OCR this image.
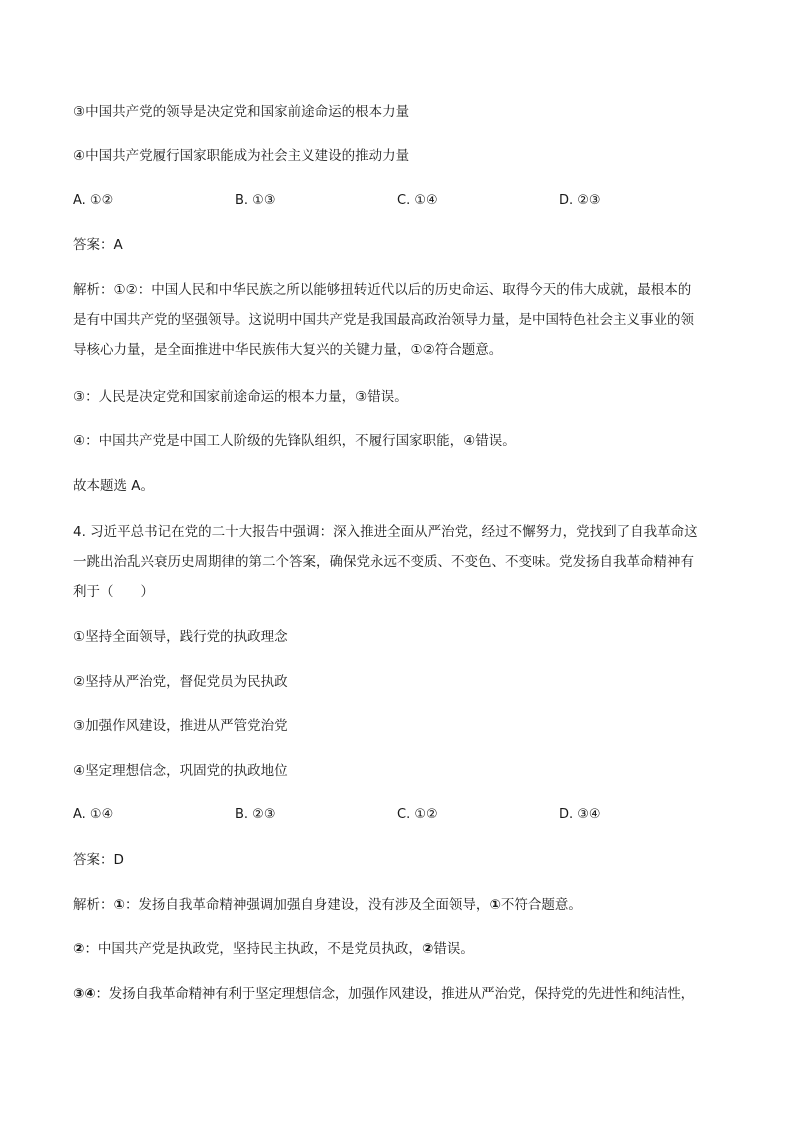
③中国共产党的领导是决定党和国家前途命运的根本力量
④中国共产党履行国家职能成为社会主义建设的推动力量
A. ①②	B. ①③	C. ①④	D. ②③
答案：A
解析：①②：中国人民和中华民族之所以能够扭转近代以后的历史命运、取得今天的伟大成就，最根本的
是有中国共产党的坚强领导。这说明中国共产党是我国最高政治领导力量，是中国特色社会主义事业的领
导核心力量，是全面推进中华民族伟大复兴的关键力量，①②符合题意。
③：人民是决定党和国家前途命运的根本力量，③错误。
④：中国共产党是中国工人阶级的先锋队组织，不履行国家职能，④错误。
故本题选 A。
4. 习近平总书记在党的二十大报告中强调：深入推进全面从严治党，经过不懈努力，党找到了自我革命这
一跳出治乱兴衰历史周期律的第二个答案，确保党永远不变质、不变色、不变味。党发扬自我革命精神有
利于（　　）
①坚持全面领导，践行党的执政理念
②坚持从严治党，督促党员为民执政
③加强作风建设，推进从严管党治党
④坚定理想信念，巩固党的执政地位
A. ①④	B. ②③	C. ①②	D. ③④
答案：D
解析：①：发扬自我革命精神强调加强自身建设，没有涉及全面领导，①不符合题意。
②：中国共产党是执政党，坚持民主执政，不是党员执政，②错误。
③④：发扬自我革命精神有利于坚定理想信念，加强作风建设，推进从严治党，保持党的先进性和纯洁性，
